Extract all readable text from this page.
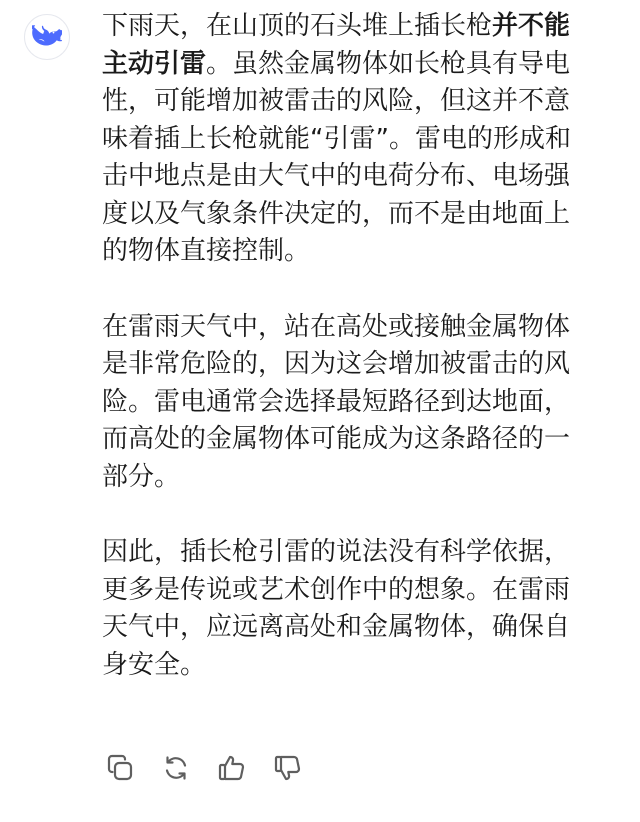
下雨天，在山顶的石头堆上插长枪并不能
主动引雷。虽然金属物体如长枪具有导电
性，可能增加被雷击的风险，但这并不意
味着插上长枪就能“引雷”。雷电的形成和
击中地点是由大气中的电荷分布、电场强
度以及气象条件决定的，而不是由地面上
的物体直接控制。

在雷雨天气中，站在高处或接触金属物体
是非常危险的，因为这会增加被雷击的风
险。雷电通常会选择最短路径到达地面，
而高处的金属物体可能成为这条路径的一
部分。

因此，插长枪引雷的说法没有科学依据，
更多是传说或艺术创作中的想象。在雷雨
天气中，应远离高处和金属物体，确保自
身安全。
